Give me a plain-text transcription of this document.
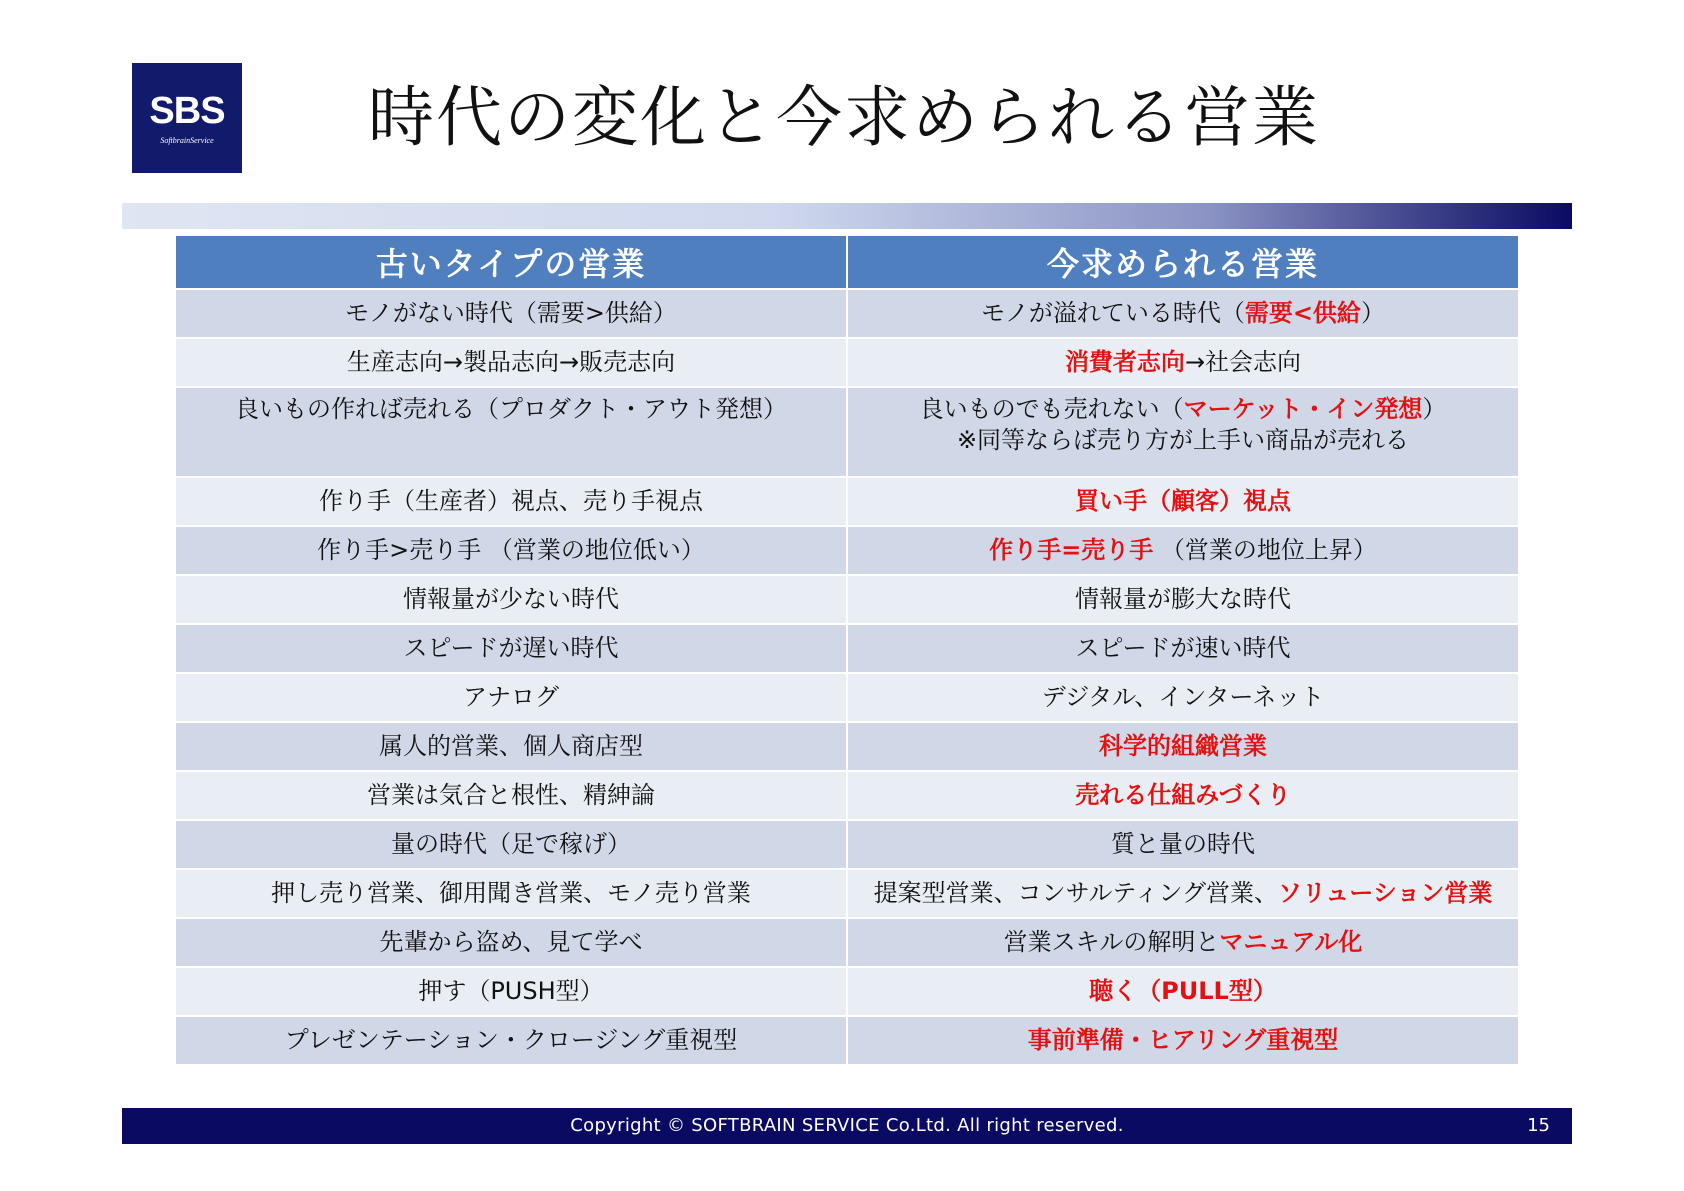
SBS
SoftbrainService 時代の変化と今求められる営業
古いタイプの営業	今求められる営業
モノがない時代（需要>供給）	モノが溢れている時代（需要<供給）

生産志向→製品志向→販売志向	消費者志向→社会志向

良いもの作れば売れる（プロダクト・アウト発想）	良いものでも売れない（マーケット・イン発想）
※同等ならば売り方が上手い商品が売れる

作り手（生産者）視点、売り手視点	買い手（顧客）視点

作り手>売り手 （営業の地位低い）	作り手=売り手 （営業の地位上昇）

情報量が少ない時代	情報量が膨大な時代

スピードが遅い時代	スピードが速い時代

アナログ	デジタル、インターネット

属人的営業、個人商店型	科学的組織営業

営業は気合と根性、精紳論	売れる仕組みづくり

量の時代（足で稼げ）	質と量の時代

押し売り営業、御用聞き営業、モノ売り営業	提案型営業、コンサルティング営業、ソリューション営業

先輩から盗め、見て学べ	営業スキルの解明とマニュアル化

押す（PUSH型）	聴く（PULL型）

プレゼンテーション・クロージング重視型	事前準備・ヒアリング重視型
Copyright © SOFTBRAIN SERVICE Co.Ltd. All right reserved.	15
